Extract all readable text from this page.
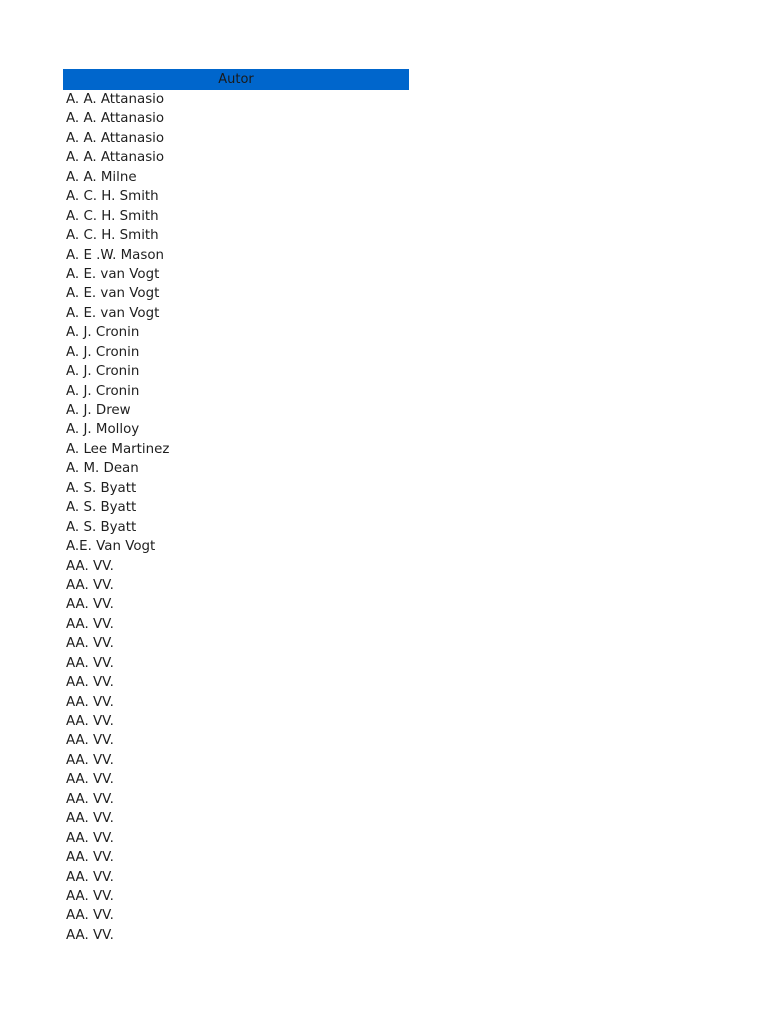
Autor
A. A. Attanasio
A. A. Attanasio
A. A. Attanasio
A. A. Attanasio
A. A. Milne
A. C. H. Smith
A. C. H. Smith
A. C. H. Smith
A. E .W. Mason
A. E. van Vogt
A. E. van Vogt
A. E. van Vogt
A. J. Cronin
A. J. Cronin
A. J. Cronin
A. J. Cronin
A. J. Drew
A. J. Molloy
A. Lee Martinez
A. M. Dean
A. S. Byatt
A. S. Byatt
A. S. Byatt
A.E. Van Vogt
AA. VV.
AA. VV.
AA. VV.
AA. VV.
AA. VV.
AA. VV.
AA. VV.
AA. VV.
AA. VV.
AA. VV.
AA. VV.
AA. VV.
AA. VV.
AA. VV.
AA. VV.
AA. VV.
AA. VV.
AA. VV.
AA. VV.
AA. VV.
